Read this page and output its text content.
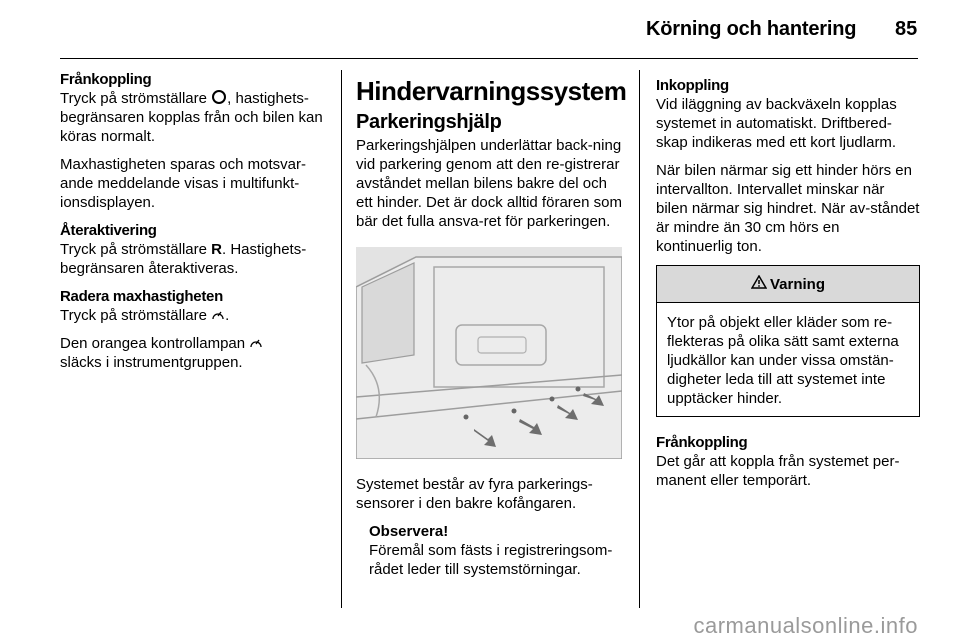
Körning och hantering 85
Frånkoppling

Tryck på strömställare , hastighets-begränsaren kopplas från och bilen kan köras normalt.

Maxhastigheten sparas och motsvar-ande meddelande visas i multifunkt-ionsdisplayen.

Återaktivering

Tryck på strömställare R. Hastighets-begränsaren återaktiveras.

Radera maxhastigheten

Tryck på strömställare .

Den orangea kontrollampan
släcks i instrumentgruppen.

Hindervarningssystem
Parkeringshjälp

Parkeringshjälpen underlättar back-ning vid parkering genom att den re-gistrerar avståndet mellan bilens bakre del och ett hinder. Det är dock alltid föraren som bär det fulla ansva-ret för parkeringen.

Systemet består av fyra parkerings-sensorer i den bakre kofångaren.

Observera!

Föremål som fästs i registreringsom-rådet leder till systemstörningar.

Inkoppling

Vid iläggning av backväxeln kopplas systemet in automatiskt. Driftbered-skap indikeras med ett kort ljudlarm.

När bilen närmar sig ett hinder hörs en intervallton. Intervallet minskar när bilen närmar sig hindret. När av-ståndet är mindre än 30 cm hörs en kontinuerlig ton.

Varning
Ytor på objekt eller kläder som re-flekteras på olika sätt samt externa ljudkällor kan under vissa omstän-digheter leda till att systemet inte upptäcker hinder.
Frånkoppling

Det går att koppla från systemet per-manent eller temporärt.

carmanualsonline.info
